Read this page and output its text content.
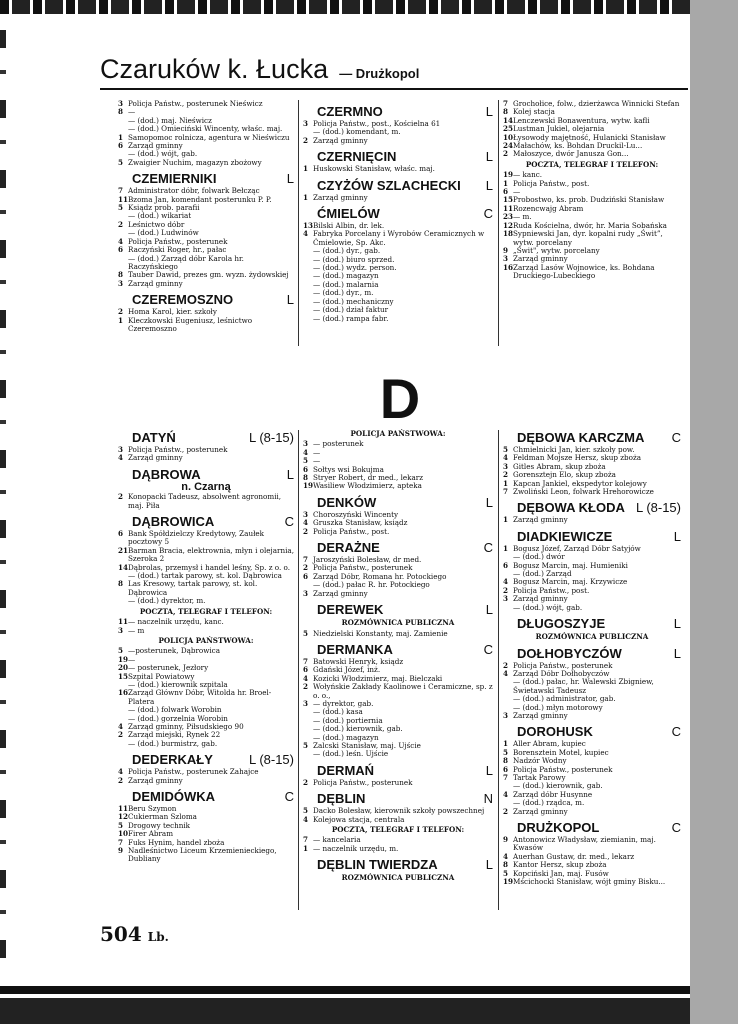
Czaruków k. Łucka — Drużkopol
3 Policja Państw., posterunek Nieświcz
8 —
— (dod.) maj. Nieświcz
— (dod.) Omieciński Wincenty, właśc. maj.
1 Samopomoc rolnicza, agentura w Nieświczu
6 Zarząd gminny
— (dod.) wójt, gab.
5 Zwaigier Nuchim, magazyn zbożowy
CZEMIERNIKI	L
7 Administrator dóbr, folwark Bełcząc
11 Bzoma Jan, komendant posterunku P. P.
5 Ksiądz prob. parafii
— (dod.) wikariat
2 Leśnictwo dóbr
— (dod.) Ludwinów
4 Policja Państw., posterunek
6 Raczyński Roger, hr., pałac
— (dod.) Zarząd dóbr Karola hr. Raczyńskiego
8 Tauber Dawid, prezes gm. wyzn. żydowskiej
3 Zarząd gminny
CZEREMOSZNO	L
2 Homa Karol, kier. szkoły
1 Kleczkowski Eugeniusz, leśnictwo Czeremoszno
CZERMNO	L
3 Policja Państw., post., Kościelna 61
— (dod.) komendant, m.
2 Zarząd gminny
CZERNIĘCIN	L
1 Huskowski Stanisław, właśc. maj.
CZYŻÓW SZLACHECKI L
1 Zarząd gminny
ĆMIELÓW	C
13 Bilski Albin, dr. lek.
4 Fabryka Porcelany i Wyrobów Ceramicznych w Ćmielowie, Sp. Akc.
— (dod.) dyr., gab.
— (dod.) biuro sprzed.
— (dod.) wydz. person.
— (dod.) magazyn
— (dod.) malarnia
— (dod.) dyr., m.
— (dod.) mechaniczny
— (dod.) dział faktur
— (dod.) rampa fabr.
7 Grochołice, folw., dzierżawca Winnicki Stefan
8 Kolej stacja
14 Lenczewski Bonawentura, wytw. kafli
25 Lustman Jukiel, olejarnia
10 Łysowody majętność, Hulanicki Stanisław
24 Małachów, ks. Bohdan Druckil-Lu...
2 Małoszyce, dwór Janusza Gon...
POCZTA, TELEGRAF I TELEFON:
19 — kanc.
1 Policja Państw., post.
6 —
15 Probostwo, ks. prob. Dudziński Stanisław
11 Rozencwajg Abram
23 — m.
12 Ruda Kościelna, dwór, hr. Maria Sobańska
18 Sypniewski Jan, dyr. kopalni rudy „Świt”, wytw. porcelany
9 „Świt", wytw. porcelany
3 Zarząd gminny
16 Zarząd Lasów Wojnowice, ks. Bohdana Druckiego-Lubeckiego
D
DATYŃ	L (8-15)
3 Policja Państw., posterunek
4 Zarząd gminny
DĄBROWA	L
n. Czarną
2 Konopacki Tadeusz, absolwent agronomii, maj. Piła
DĄBROWICA	C
6 Bank Spółdzielczy Kredytowy, Zaułek pocztowy 5
21 Barman Bracia, elektrownia, młyn i olejarnia, Szeroka 2
14 Dąbrolas, przemysł i handel leśny, Sp. z o. o.
— (dod.) tartak parowy, st. kol. Dąbrowica
8 Las Kresowy, tartak parowy, st. kol. Dąbrowica
— (dod.) dyrektor, m.
POCZTA, TELEGRAF I TELEFON:
11 — naczelnik urzędu, kanc.
3 — m
POLICJA PAŃSTWOWA:
5 —posterunek, Dąbrowica
19 —
20 — posterunek, Jezłory
15 Szpital Powiatowy
— (dod.) kierownik szpitala
16 Zarząd Głównv Dóbr, Witolda hr. Broel-Platera
— (dod.) folwark Worobin
— (dod.) gorzelnia Worobin
4 Zarząd gminny, Piłsudskiego 90
2 Zarząd miejski, Rynek 22
— (dod.) burmistrz, gab.
DEDERKAŁY	L (8-15)
4 Policja Państw., posterunek Zahajce
2 Zarząd gminny
DEMIDÓWKA	C
11 Beru Szymon
12 Cukierman Szloma
5 Drogowy technik
10 Firer Abram
7 Fuks Hynim, handel zboża
9 Nadleśnictwo Liceum Krzemienieckiego, Dubliany
POLICJA PAŃSTWOWA:
3 — posterunek
4 —
5 —
6 Sołtys wsi Bokujma
8 Stryer Robert, dr med., lekarz
19 Wasiliew Włodzimierz, apteka
DENKÓW	L
3 Choroszyński Wincenty
4 Gruszka Stanisław, ksiądz
2 Policja Państw., post.
DERAŻNE	C
7 Jaroszyński Bolesław, dr med.
2 Policja Państw., posterunek
6 Zarząd Dóbr, Romana hr. Potockiego
— (dod.) pałac R. hr. Potockiego
3 Zarząd gminny
DEREWEK	L
ROZMÓWNICA PUBLICZNA
5 Niedzielski Konstanty, maj. Zamienie
DERMANKA	C
7 Batowski Henryk, ksiądz
6 Gdański Józef, inż.
4 Kozicki Włodzimierz, maj. Bielczaki
2 Wołyńskie Zakłady Kaolinowe i Ceramiczne, sp. z o. o.,
3 — dyrektor, gab.
— (dod.) kasa
— (dod.) portiernia
— (dod.) kierownik, gab.
— (dod.) magazyn
5 Zalcski Stanisław, maj. Ujście
— (dod.) leśn. Ujście
DERMAŃ	L
2 Policja Państw., posterunek
DĘBLIN	N
5 Dacko Bolesław, kierownik szkoły powszechnej
4 Kolejowa stacja, centrala
POCZTA, TELEGRAF I TELEFON:
7 — kancelaria
1 — naczelnik urzędu, m.
DĘBLIN TWIERDZA	L
ROZMÓWNICA PUBLICZNA
DĘBOWA KARCZMA C
5 Chmielnicki Jan, kier. szkoły pow.
4 Feldman Mojsze Hersz, skup zboża
3 Gitles Abram, skup zboża
2 Gorensztejn Elo, skup zboża
1 Kapcan Jankiel, ekspedytor kolejowy
7 Zwoliński Leon, folwark Hrehorowicze
DĘBOWA KŁODA L (8-15)
1 Zarząd gminny
DIADKIEWICZE	L
1 Bogusz Józef, Zarząd Dóbr Satyjów
— (dod.) dwór
6 Bogusz Marcin, maj. Humieniki
— (dod.) Zarząd
4 Bogusz Marcin, maj. Krzywicze
2 Policja Państw., post.
3 Zarząd gminny
— (dod.) wójt, gab.
DŁUGOSZYJE	L
ROZMÓWNICA PUBLICZNA
DOŁHOBYCZÓW	L
2 Policja Państw., posterunek
4 Zarząd Dóbr Dołhobyczów
— (dod.) pałac, hr. Walewski Zbigniew, Świetawski Tadeusz
— (dod.) administrator, gab.
— (dod.) młyn motorowy
3 Zarząd gminny
DOROHUSK	C
1 Aller Abram, kupiec
5 Borensztein Motel, kupiec
8 Nadzór Wodny
6 Policja Państw., posterunek
7 Tartak Parowy
— (dod.) kierownik, gab.
4 Zarząd dóbr Husynne
— (dod.) rządca, m.
2 Zarząd gminny
DRUŻKOPOL	C
9 Antonowicz Władysław, ziemianin, maj. Kwasów
4 Auerhan Gustaw, dr. med., lekarz
8 Kantor Hersz, skup zboża
5 Kopciński Jan, maj. Fusów
19 Mścichocki Stanisław, wójt gminy Bisku...
504 Lb.
